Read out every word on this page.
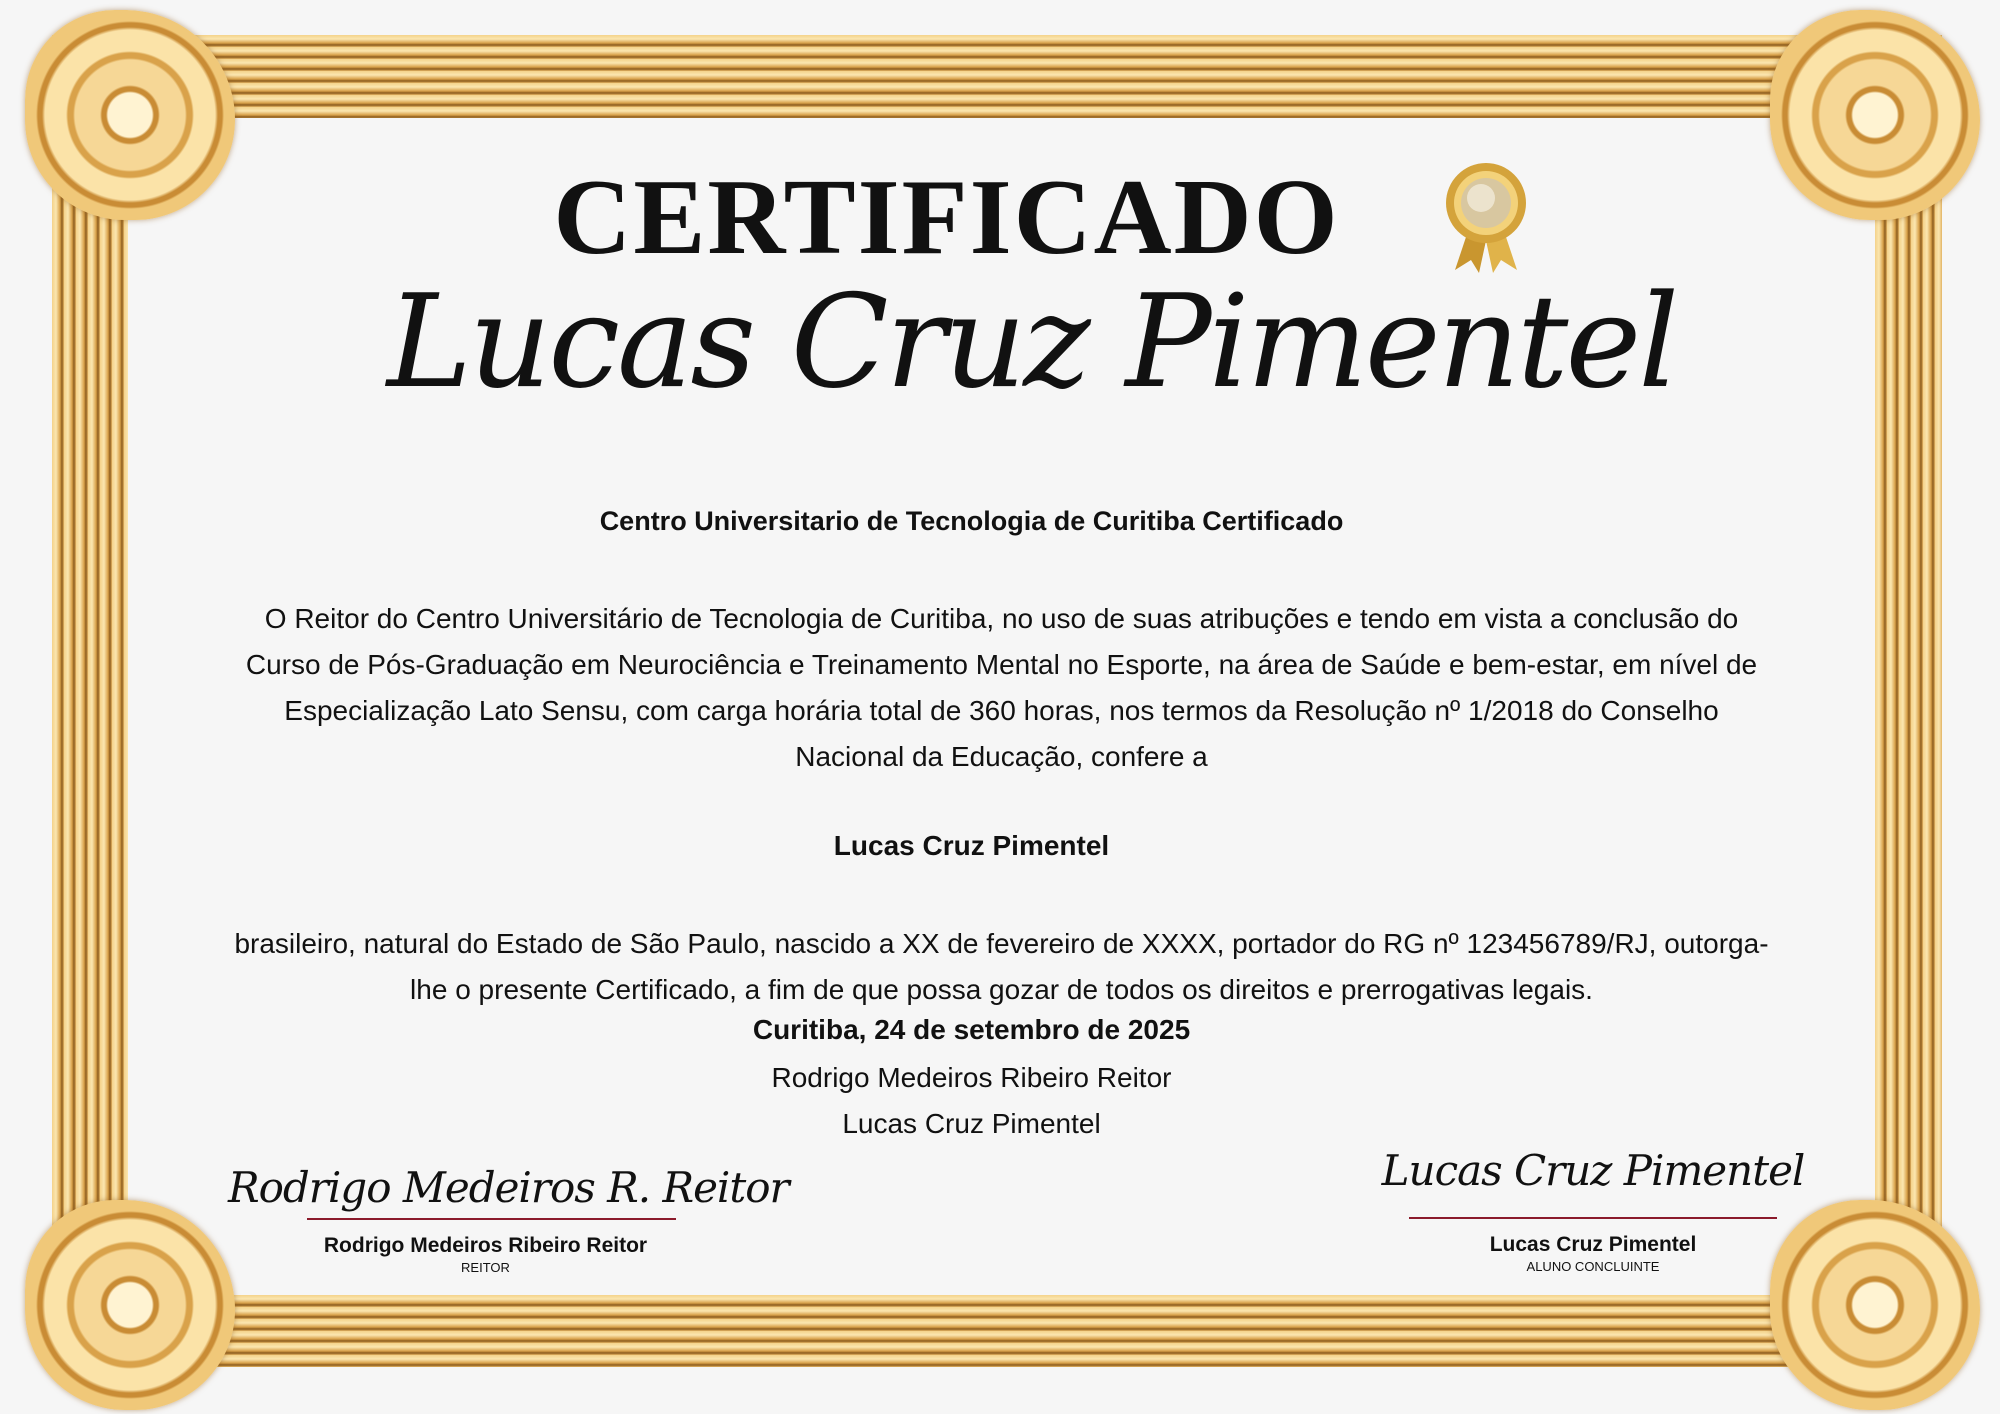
CERTIFICADO
Lucas Cruz Pimentel
Centro Universitario de Tecnologia de Curitiba Certificado
O Reitor do Centro Universitário de Tecnologia de Curitiba, no uso de suas atribuções e tendo em vista a conclusão do
Curso de Pós-Graduação em Neurociência e Treinamento Mental no Esporte, na área de Saúde e bem-estar, em nível de
Especialização Lato Sensu, com carga horária total de 360 horas, nos termos da Resolução nº 1/2018 do Conselho
Nacional da Educação, confere a
Lucas Cruz Pimentel
brasileiro, natural do Estado de São Paulo, nascido a XX de fevereiro de XXXX, portador do RG nº 123456789/RJ, outorga-
lhe o presente Certificado, a fim de que possa gozar de todos os direitos e prerrogativas legais.
Curitiba, 24 de setembro de 2025
Rodrigo Medeiros Ribeiro Reitor
Lucas Cruz Pimentel
Rodrigo Medeiros R. Reitor
Rodrigo Medeiros Ribeiro Reitor
REITOR
Lucas Cruz Pimentel
Lucas Cruz Pimentel
ALUNO CONCLUINTE
